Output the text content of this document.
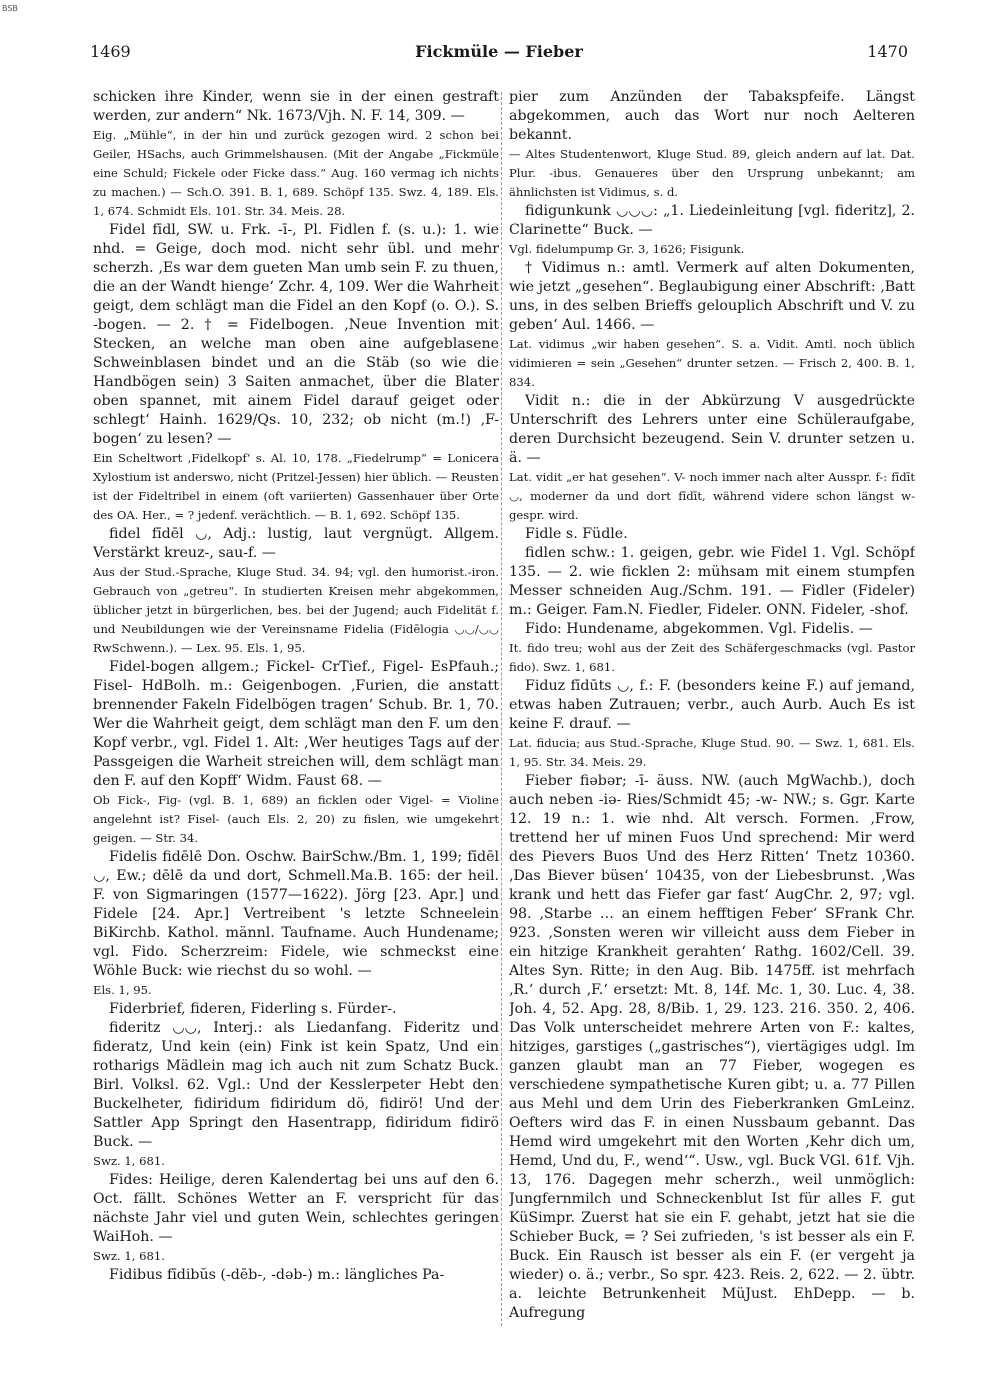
BSB
1469	Fickmüle — Fieber	1470

schicken ihre Kinder, wenn sie in der einen gestraft werden, zur andern“ Nk. 1673/Vjh. N. F. 14, 309. —

Eig. „Mühle“, in der hin und zurück gezogen wird. 2 schon bei Geiler, HSachs, auch Grimmelshausen. (Mit der Angabe „Fickmüle eine Schuld; Fickele oder Ficke dass.“ Aug. 160 vermag ich nichts zu machen.) — Sch.O. 391. B. 1, 689. Schöpf 135. Swz. 4, 189. Els. 1, 674. Schmidt Els. 101. Str. 34. Meis. 28.

Fidel fīdl, SW. u. Frk. -ī-, Pl. Fidlen f. (s. u.): 1. wie nhd. = Geige, doch mod. nicht sehr übl. und mehr scherzh. ‚Es war dem gueten Man umb sein F. zu thuen, die an der Wandt hienge‘ Zchr. 4, 109. Wer die Wahrheit geigt, dem schlägt man die Fidel an den Kopf (o. O.). S. -bogen. — 2. † = Fidelbogen. ‚Neue Invention mit Stecken, an welche man oben aine aufgeblasene Schweinblasen bindet und an die Stäb (so wie die Handbögen sein) 3 Saiten anmachet, über die Blater oben spannet, mit ainem Fidel darauf geiget oder schlegt‘ Hainh. 1629/Qs. 10, 232; ob nicht (m.!) ‚F-bogen‘ zu lesen? —

Ein Scheltwort ‚Fidelkopf‘ s. Al. 10, 178. „Fiedelrump“ = Lonicera Xylostium ist anderswo, nicht (Pritzel-Jessen) hier üblich. — Reusten ist der Fideltribel in einem (oft variierten) Gassenhauer über Orte des OA. Her., = ? jedenf. verächtlich. — B. 1, 692. Schöpf 135.

fidel fīdēl ◡, Adj.: lustig, laut vergnügt. Allgem. Verstärkt kreuz-, sau-f. —

Aus der Stud.-Sprache, Kluge Stud. 34. 94; vgl. den humorist.-iron. Gebrauch von „getreu“. In studierten Kreisen mehr abgekommen, üblicher jetzt in bürgerlichen, bes. bei der Jugend; auch Fidelität f. und Neubildungen wie der Vereinsname Fidelia (Fidēlogia ◡◡/◡◡ RwSchwenn.). — Lex. 95. Els. 1, 95.

Fidel-bogen allgem.; Fickel- CrTief., Figel- EsPfauh.; Fisel- HdBolh. m.: Geigenbogen. ‚Furien, die anstatt brennender Fakeln Fidelbögen tragen‘ Schub. Br. 1, 70. Wer die Wahrheit geigt, dem schlägt man den F. um den Kopf verbr., vgl. Fidel 1. Alt: ‚Wer heutiges Tags auf der Passgeigen die Warheit streichen will, dem schlägt man den F. auf den Kopff‘ Widm. Faust 68. —

Ob Fick-, Fig- (vgl. B. 1, 689) an ficklen oder Vigel- = Violine angelehnt ist? Fisel- (auch Els. 2, 20) zu fislen, wie umgekehrt geigen. — Str. 34.

Fidelis fidēlē Don. Oschw. BairSchw./Bm. 1, 199; fīdēl ◡, Ew.; dēlē da und dort, Schmell.Ma.B. 165: der heil. F. von Sigmaringen (1577—1622). Jörg [23. Apr.] und Fidele [24. Apr.] Vertreibent 's letzte Schneelein BiKirchb. Kathol. männl. Taufname. Auch Hundename; vgl. Fido. Scherzreim: Fidele, wie schmeckst eine Wöhle Buck: wie riechst du so wohl. —

Els. 1, 95.

Fiderbrief, fideren, Fiderling s. Fürder-.

fideritz ◡◡, Interj.: als Liedanfang. Fideritz und fideratz, Und kein (ein) Fink ist kein Spatz, Und ein rotharigs Mädlein mag ich auch nit zum Schatz Buck. Birl. Volksl. 62. Vgl.: Und der Kesslerpeter Hebt den Buckelheter, fidiridum fidiridum dö, fidirö! Und der Sattler App Springt den Hasentrapp, fidiridum fidirö Buck. —

Swz. 1, 681.

Fides: Heilige, deren Kalendertag bei uns auf den 6. Oct. fällt. Schönes Wetter an F. verspricht für das nächste Jahr viel und guten Wein, schlechtes geringen WaiHoh. —

Swz. 1, 681.

Fidibus fīdibŭs (-dēb-, -dəb-) m.: längliches Pa-

pier zum Anzünden der Tabakspfeife. Längst abgekommen, auch das Wort nur noch Aelteren bekannt.

— Altes Studentenwort, Kluge Stud. 89, gleich andern auf lat. Dat. Plur. -ibus. Genaueres über den Ursprung unbekannt; am ähnlichsten ist Vidimus, s. d.

fidigunkunk ◡◡◡: „1. Liedeinleitung [vgl. fideritz], 2. Clarinette“ Buck. —

Vgl. fidelumpump Gr. 3, 1626; Fisigunk.

† Vidimus n.: amtl. Vermerk auf alten Dokumenten, wie jetzt „gesehen“. Beglaubigung einer Abschrift: ‚Batt uns, in des selben Brieffs gelouplich Abschrift und V. zu geben‘ Aul. 1466. —

Lat. vidimus „wir haben gesehen“. S. a. Vidit. Amtl. noch üblich vidimieren = sein „Gesehen“ drunter setzen. — Frisch 2, 400. B. 1, 834.

Vidit n.: die in der Abkürzung V ausgedrückte Unterschrift des Lehrers unter eine Schüleraufgabe, deren Durchsicht bezeugend. Sein V. drunter setzen u. ä. —

Lat. vidit „er hat gesehen“. V- noch immer nach alter Ausspr. f-: fīdīt ◡, moderner da und dort fīdīt, während videre schon längst w- gespr. wird.

Fidle s. Füdle.

fidlen schw.: 1. geigen, gebr. wie Fidel 1. Vgl. Schöpf 135. — 2. wie ficklen 2: mühsam mit einem stumpfen Messer schneiden Aug./Schm. 191. — Fidler (Fideler) m.: Geiger. Fam.N. Fiedler, Fideler. ONN. Fideler, -shof.

Fido: Hundename, abgekommen. Vgl. Fidelis. —

It. fido treu; wohl aus der Zeit des Schäfergeschmacks (vgl. Pastor fido). Swz. 1, 681.

Fiduz fīdūts ◡, f.: F. (besonders keine F.) auf jemand, etwas haben Zutrauen; verbr., auch Aurb. Auch Es ist keine F. drauf. —

Lat. fiducia; aus Stud.-Sprache, Kluge Stud. 90. — Swz. 1, 681. Els. 1, 95. Str. 34. Meis. 29.

Fieber fiəbər; -ī- äuss. NW. (auch MgWachb.), doch auch neben -iə- Ries/Schmidt 45; -w- NW.; s. Ggr. Karte 12. 19 n.: 1. wie nhd. Alt versch. Formen. ‚Frow, trettend her uf minen Fuos Und sprechend: Mir werd des Pievers Buos Und des Herz Ritten‘ Tnetz 10360. ‚Das Biever büsen‘ 10435, von der Liebesbrunst. ‚Was krank und hett das Fiefer gar fast‘ AugChr. 2, 97; vgl. 98. ‚Starbe … an einem hefftigen Feber‘ SFrank Chr. 923. ‚Sonsten weren wir villeicht auss dem Fieber in ein hitzige Krankheit gerahten‘ Rathg. 1602/Cell. 39. Altes Syn. Ritte; in den Aug. Bib. 1475ff. ist mehrfach ‚R.‘ durch ‚F.‘ ersetzt: Mt. 8, 14f. Mc. 1, 30. Luc. 4, 38. Joh. 4, 52. Apg. 28, 8/Bib. 1, 29. 123. 216. 350. 2, 406. Das Volk unterscheidet mehrere Arten von F.: kaltes, hitziges, garstiges („gastrisches“), viertägiges udgl. Im ganzen glaubt man an 77 Fieber, wogegen es verschiedene sympathetische Kuren gibt; u. a. 77 Pillen aus Mehl und dem Urin des Fieberkranken GmLeinz. Oefters wird das F. in einen Nussbaum gebannt. Das Hemd wird umgekehrt mit den Worten ‚Kehr dich um, Hemd, Und du, F., wend‘“. Usw., vgl. Buck VGl. 61f. Vjh. 13, 176. Dagegen mehr scherzh., weil unmöglich: Jungfernmilch und Schneckenblut Ist für alles F. gut KüSimpr. Zuerst hat sie ein F. gehabt, jetzt hat sie die Schieber Buck, = ? Sei zufrieden, 's ist besser als ein F. Buck. Ein Rausch ist besser als ein F. (er vergeht ja wieder) o. ä.; verbr., So spr. 423. Reis. 2, 622. — 2. übtr. a. leichte Betrunkenheit MüJust. EhDepp. — b. Aufregung
